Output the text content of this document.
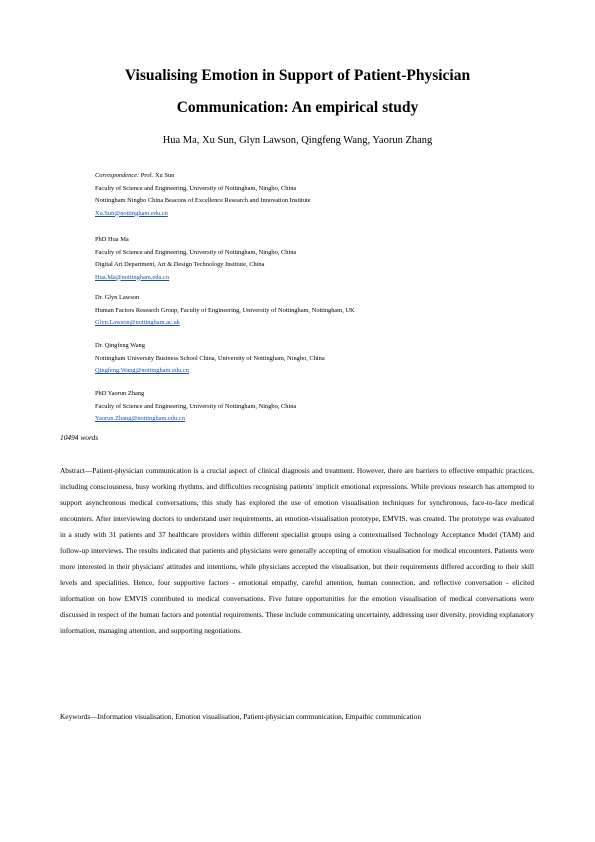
Visualising Emotion in Support of Patient-Physician
Communication: An empirical study
Hua Ma, Xu Sun, Glyn Lawson, Qingfeng Wang, Yaorun Zhang
Correspondence: Prof. Xu Sun
Faculty of Science and Engineering, University of Nottingham, Ningbo, China
Nottingham Ningbo China Beacons of Excellence Research and Innovation Institute
Xu.Sun@nottingham.edu.cn
PhD Hua Ma
Faculty of Science and Engineering, University of Nottingham, Ningbo, China
Digital Art Department, Art & Design Technology Institute, China
Hua.Ma@nottingham.edu.cn
Dr. Glyn Lawson
Human Factors Research Group, Faculty of Engineering, University of Nottingham, Nottingham, UK
Glyn.Lawson@nottingham.ac.uk
Dr. Qingfeng Wang
Nottingham University Business School China, University of Nottingham, Ningbo, China
Qingfeng.Wang@nottingham.edu.cn
PhD Yaorun Zhang
Faculty of Science and Engineering, University of Nottingham, Ningbo, China
Yaorun.Zhang@nottingham.edu.cn
10494 words
Abstract—Patient-physician communication is a crucial aspect of clinical diagnosis and treatment. However, there are barriers to effective empathic practices, including consciousness, busy working rhythms, and difficulties recognising patients' implicit emotional expressions. While previous research has attempted to support asynchronous medical conversations, this study has explored the use of emotion visualisation techniques for synchronous, face-to-face medical encounters. After interviewing doctors to understand user requirements, an emotion-visualisation prototype, EMVIS, was created. The prototype was evaluated in a study with 31 patients and 37 healthcare providers within different specialist groups using a contextualised Technology Acceptance Model (TAM) and follow-up interviews. The results indicated that patients and physicians were generally accepting of emotion visualisation for medical encounters. Patients were more interested in their physicians' attitudes and intentions, while physicians accepted the visualisation, but their requirements differed according to their skill levels and specialities. Hence, four supportive factors - emotional empathy, careful attention, human connection, and reflective conversation - elicited information on how EMVIS contributed to medical conversations. Five future opportunities for the emotion visualisation of medical conversations were discussed in respect of the human factors and potential requirements. These include communicating uncertainty, addressing user diversity, providing explanatory information, managing attention, and supporting negotiations.
Keywords—Information visualisation, Emotion visualisation, Patient-physician communication, Empathic communication
